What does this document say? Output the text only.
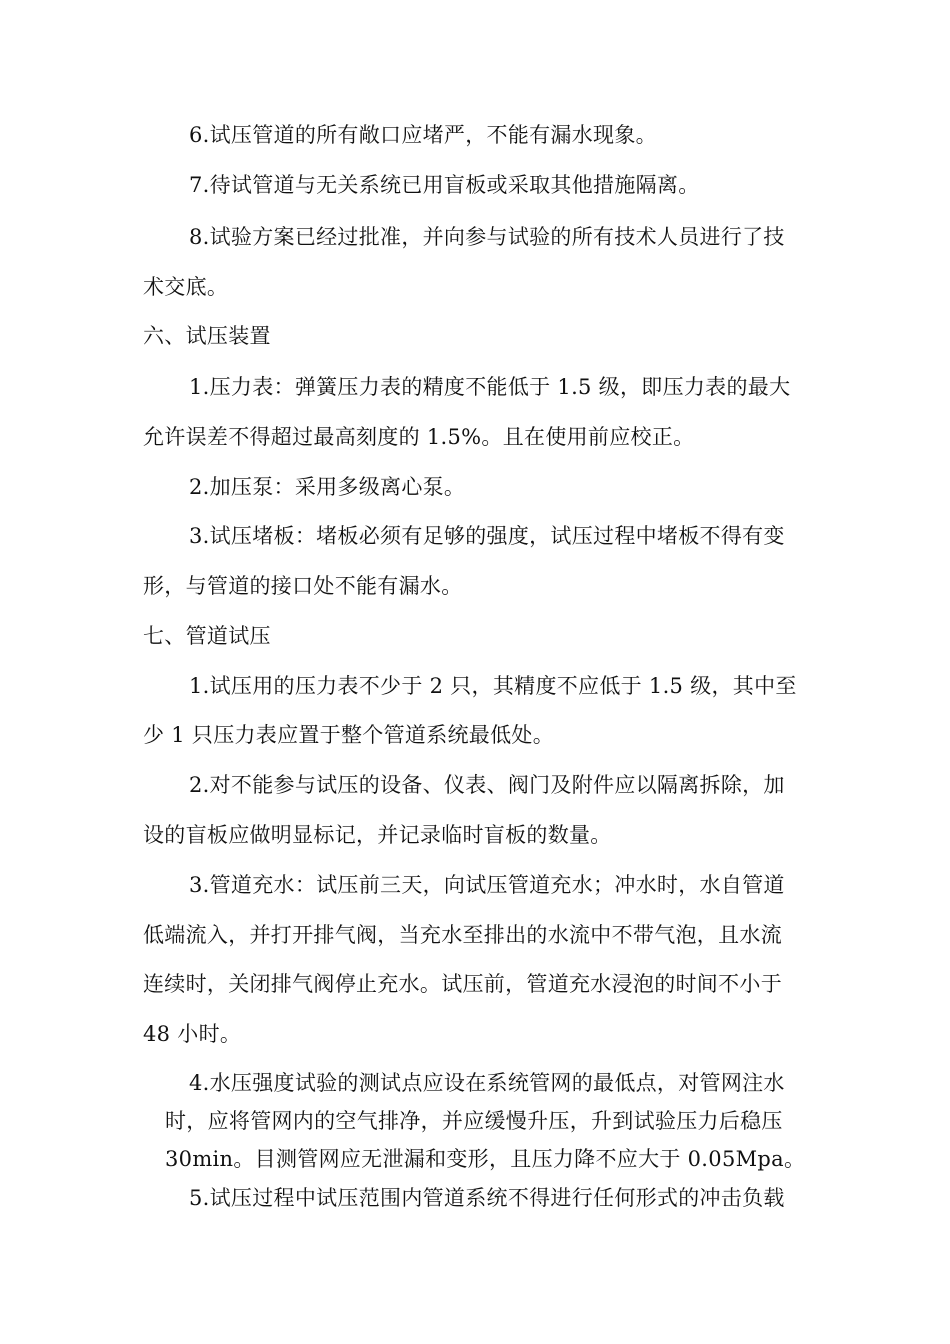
6.试压管道的所有敞口应堵严，不能有漏水现象。
7.待试管道与无关系统已用盲板或采取其他措施隔离。
8.试验方案已经过批准，并向参与试验的所有技术人员进行了技
术交底。
六、试压装置
1.压力表：弹簧压力表的精度不能低于 1.5 级，即压力表的最大
允许误差不得超过最高刻度的 1.5%。且在使用前应校正。
2.加压泵：采用多级离心泵。
3.试压堵板：堵板必须有足够的强度，试压过程中堵板不得有变
形，与管道的接口处不能有漏水。
七、管道试压
1.试压用的压力表不少于 2 只，其精度不应低于 1.5 级，其中至
少 1 只压力表应置于整个管道系统最低处。
2.对不能参与试压的设备、仪表、阀门及附件应以隔离拆除，加
设的盲板应做明显标记，并记录临时盲板的数量。
3.管道充水：试压前三天，向试压管道充水；冲水时，水自管道
低端流入，并打开排气阀，当充水至排出的水流中不带气泡，且水流
连续时，关闭排气阀停止充水。试压前，管道充水浸泡的时间不小于
48 小时。
4.水压强度试验的测试点应设在系统管网的最低点，对管网注水
时，应将管网内的空气排净，并应缓慢升压，升到试验压力后稳压
30min。目测管网应无泄漏和变形，且压力降不应大于 0.05Mpa。
5.试压过程中试压范围内管道系统不得进行任何形式的冲击负载
